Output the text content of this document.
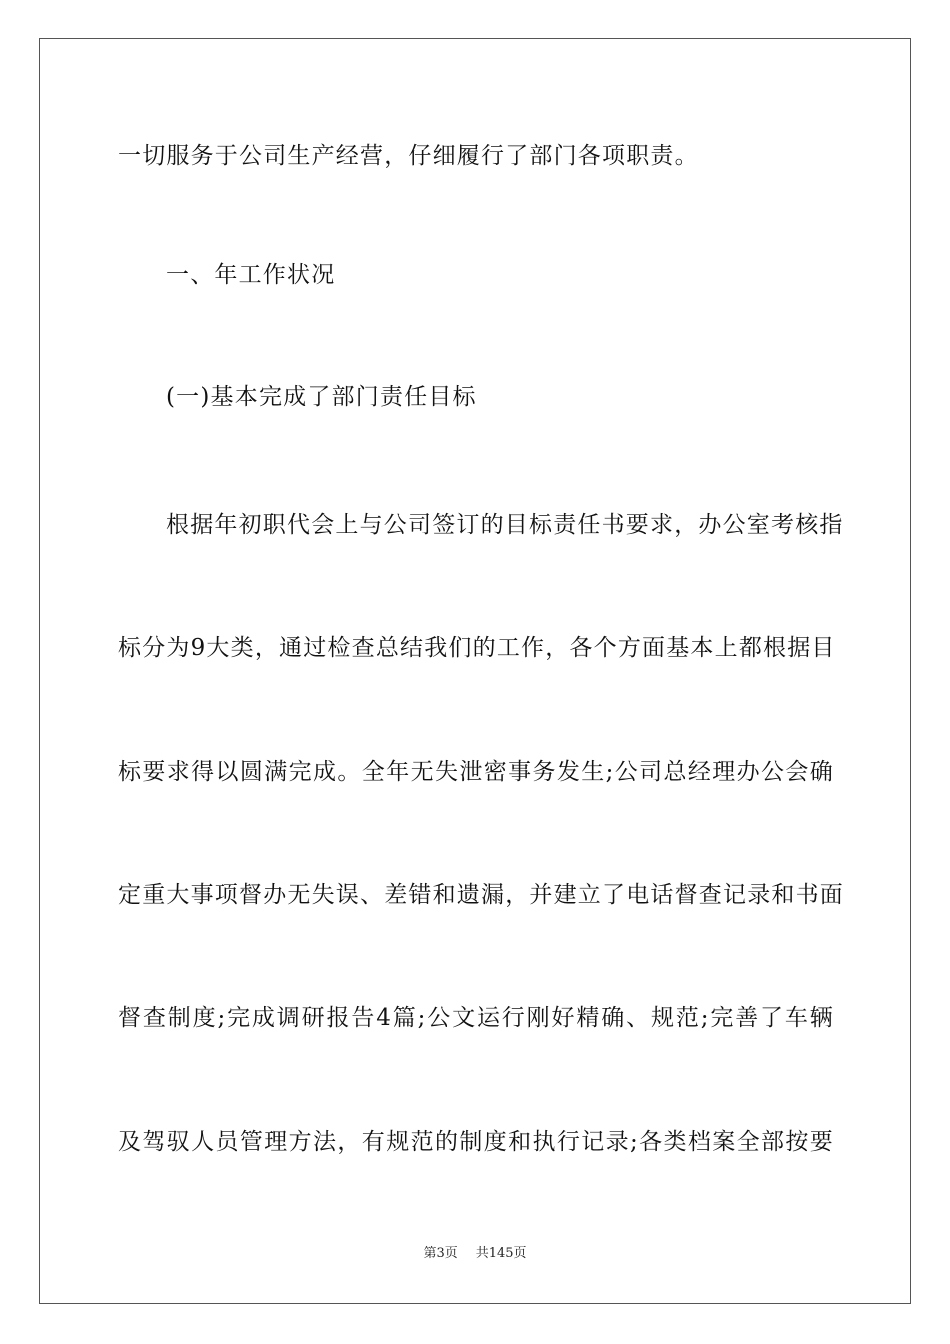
一切服务于公司生产经营，仔细履行了部门各项职责。
一、年工作状况
(一)基本完成了部门责任目标
根据年初职代会上与公司签订的目标责任书要求，办公室考核指
标分为9大类，通过检查总结我们的工作，各个方面基本上都根据目
标要求得以圆满完成。全年无失泄密事务发生;公司总经理办公会确
定重大事项督办无失误、差错和遗漏，并建立了电话督查记录和书面
督查制度;完成调研报告4篇;公文运行刚好精确、规范;完善了车辆
及驾驭人员管理方法，有规范的制度和执行记录;各类档案全部按要
第3页 共145页
